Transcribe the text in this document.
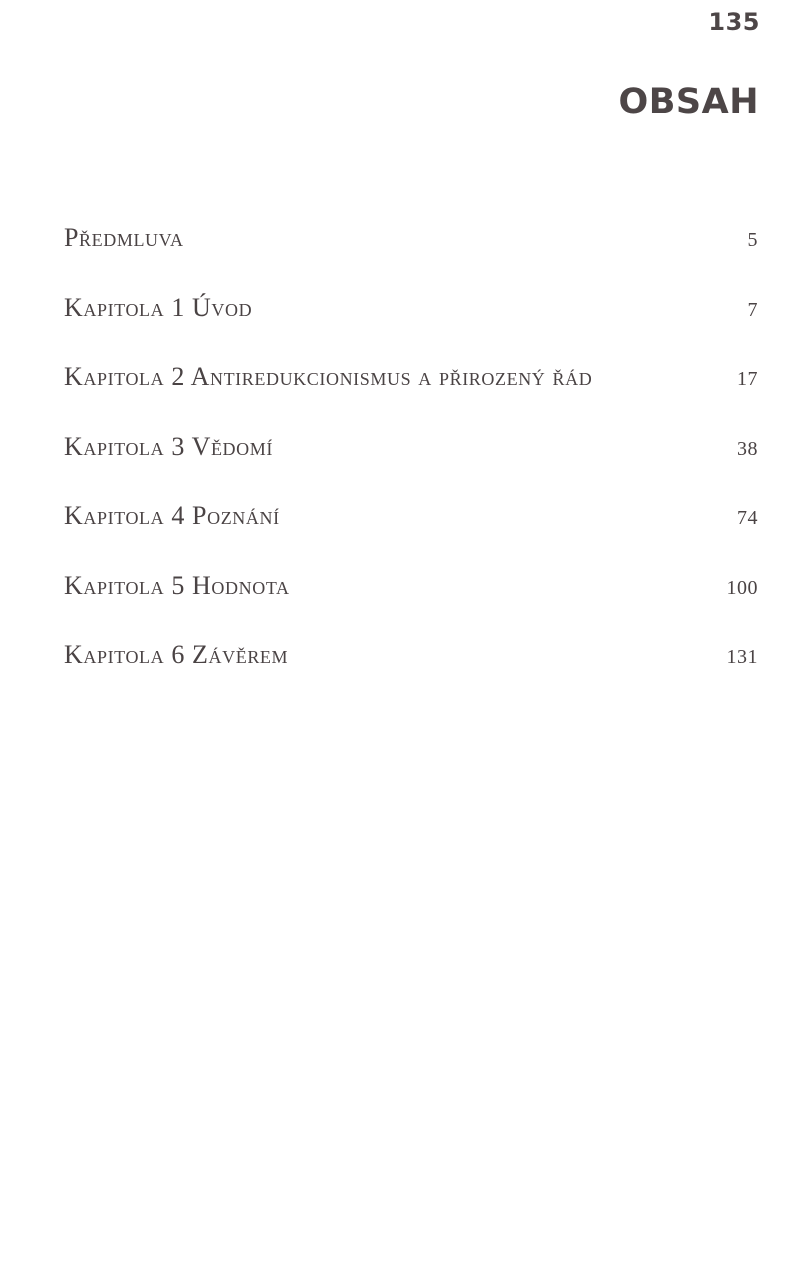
135
OBSAH
Předmluva	5
Kapitola 1 Úvod	7
Kapitola 2 Antiredukcionismus a přirozený řád	17
Kapitola 3 Vědomí	38
Kapitola 4 Poznání	74
Kapitola 5 Hodnota	100
Kapitola 6 Závěrem	131
